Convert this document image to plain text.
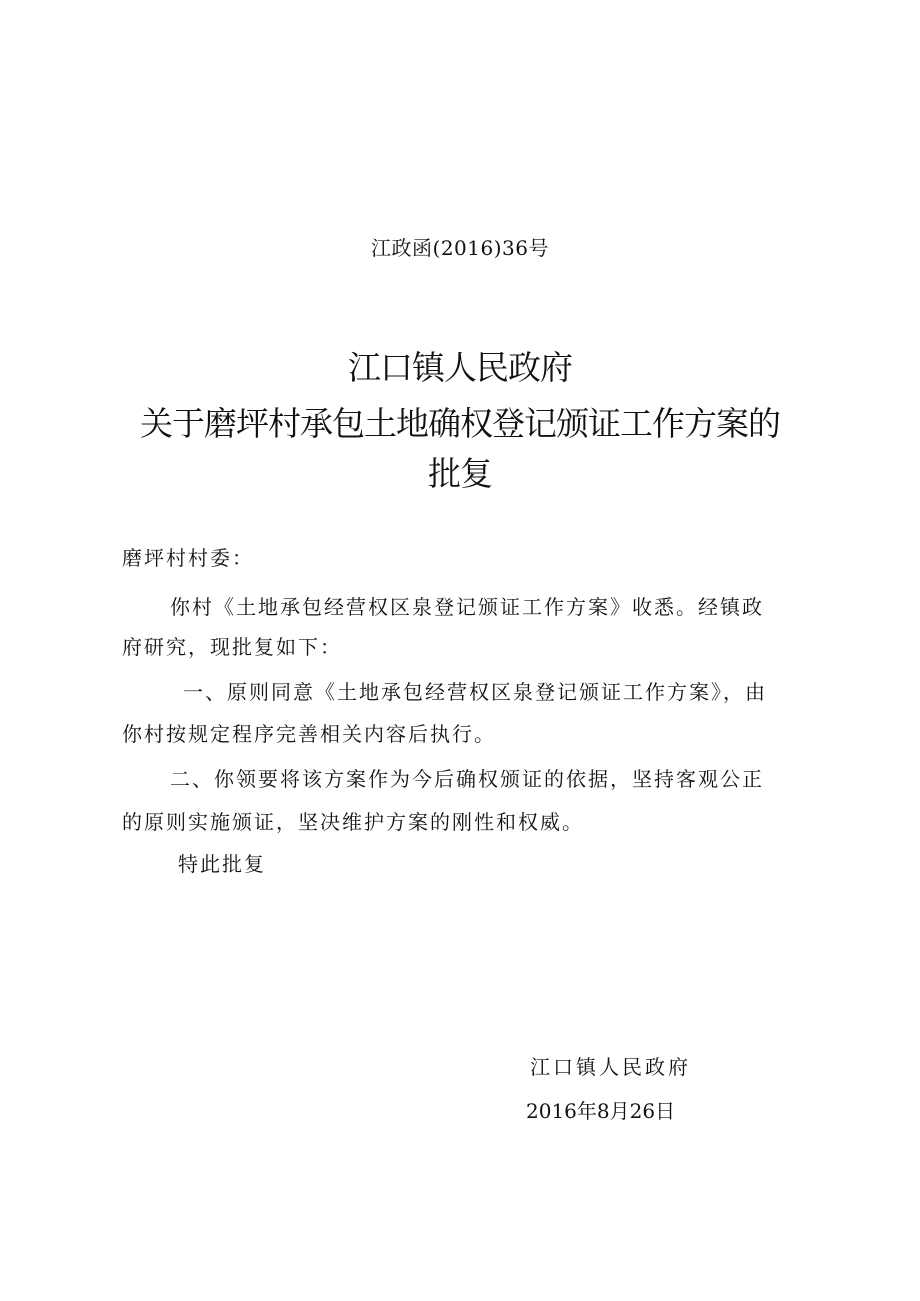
江政函(2016)36号
江口镇人民政府
关于磨坪村承包土地确权登记颁证工作方案的
批复
磨坪村村委：
你村《土地承包经营权区泉登记颁证工作方案》收悉。经镇政
府研究，现批复如下：
一、原则同意《土地承包经营权区泉登记颁证工作方案》，由
你村按规定程序完善相关内容后执行。
二、你领要将该方案作为今后确权颁证的依据，坚持客观公正
的原则实施颁证，坚决维护方案的刚性和权威。
特此批复
江口镇人民政府
2016年8月26日
